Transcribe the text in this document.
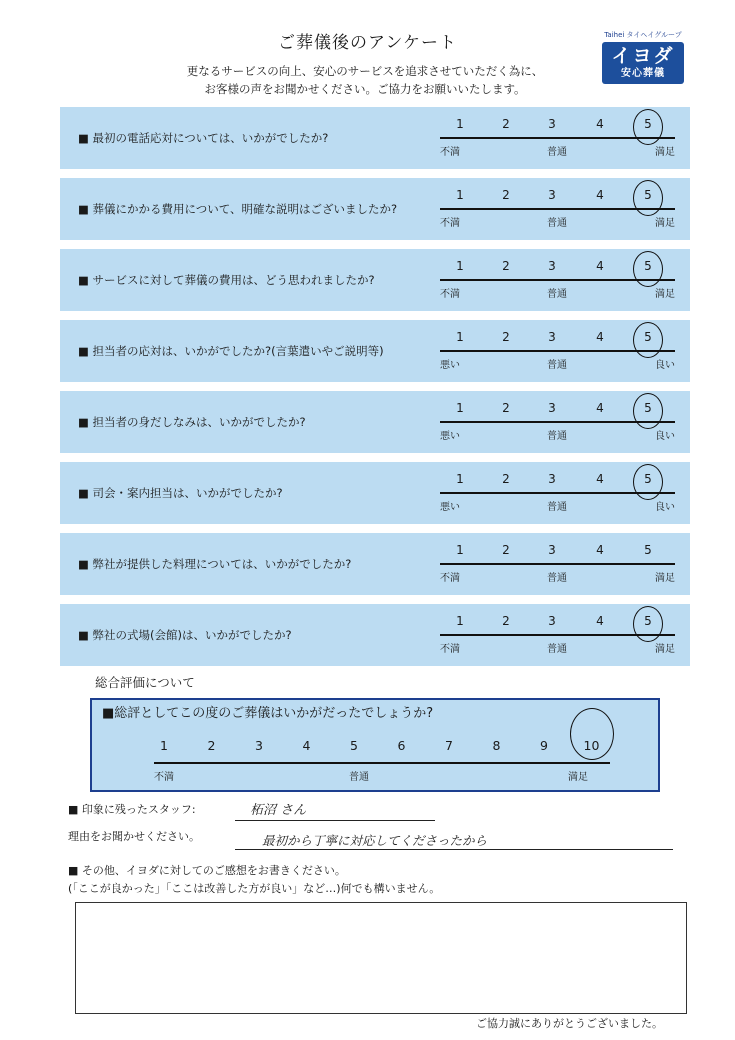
ご葬儀後のアンケート
更なるサービスの向上、安心のサービスを追求させていただく為に、
お客様の声をお聞かせください。ご協力をお願いいたします。
Taihei タイヘイグループ
イヨダ
安心葬儀
■ 最初の電話応対については、いかがでしたか?
1	2	3	4	5
不満	普通	満足
■ 葬儀にかかる費用について、明確な説明はございましたか?
1	2	3	4	5
不満	普通	満足
■ サービスに対して葬儀の費用は、どう思われましたか?
1	2	3	4	5
不満	普通	満足
■ 担当者の応対は、いかがでしたか?(言葉遣いやご説明等)
1	2	3	4	5
悪い	普通	良い
■ 担当者の身だしなみは、いかがでしたか?
1	2	3	4	5
悪い	普通	良い
■ 司会・案内担当は、いかがでしたか?
1	2	3	4	5
悪い	普通	良い
■ 弊社が提供した料理については、いかがでしたか?
1	2	3	4	5
不満	普通	満足
■ 弊社の式場(会館)は、いかがでしたか?
1	2	3	4	5
不満	普通	満足
総合評価について
■総評としてこの度のご葬儀はいかがだったでしょうか?
不満	普通	満足
1	2	3	4	5	6	7	8	9	10
■ 印象に残ったスタッフ:	柘沼 さん
理由をお聞かせください。	最初から丁寧に対応してくださったから
■ その他、イヨダに対してのご感想をお書きください。
(「ここが良かった」「ここは改善した方が良い」など…)何でも構いません。
ご協力誠にありがとうございました。
